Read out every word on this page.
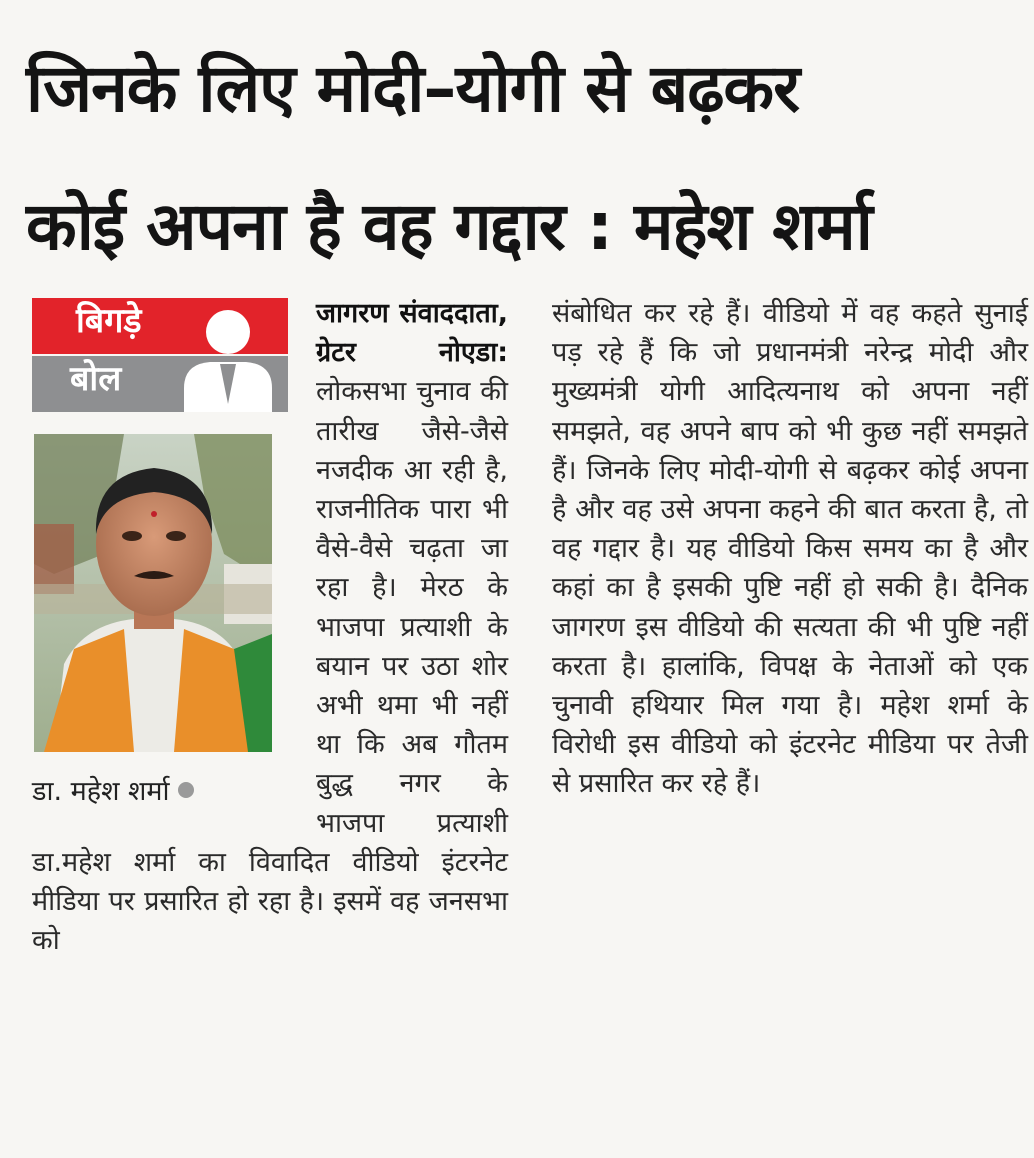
जिनके लिए मोदी–योगी से बढ़कर
कोई अपना है वह गद्दार : महेश शर्मा
बिगड़े
बोल
डा. महेश शर्मा
जागरण संवाददाता, ग्रेटर नोएडा: लोकसभा चुनाव की तारीख जैसे-जैसे नजदीक आ रही है, राजनीतिक पारा भी वैसे-वैसे चढ़ता जा रहा है। मेरठ के भाजपा प्रत्याशी के बयान पर उठा शोर अभी थमा भी नहीं था कि अब गौतम बुद्ध नगर के भाजपा प्रत्याशी डा.महेश शर्मा का विवादित वीडियो इंटरनेट मीडिया पर प्रसारित हो रहा है। इसमें वह जनसभा को
संबोधित कर रहे हैं। वीडियो में वह कहते सुनाई पड़ रहे हैं कि जो प्रधानमंत्री नरेन्द्र मोदी और मुख्यमंत्री योगी आदित्यनाथ को अपना नहीं समझते, वह अपने बाप को भी कुछ नहीं समझते हैं। जिनके लिए मोदी-योगी से बढ़कर कोई अपना है और वह उसे अपना कहने की बात करता है, तो वह गद्दार है। यह वीडियो किस समय का है और कहां का है इसकी पुष्टि नहीं हो सकी है। दैनिक जागरण इस वीडियो की सत्यता की भी पुष्टि नहीं करता है। हालांकि, विपक्ष के नेताओं को एक चुनावी हथियार मिल गया है। महेश शर्मा के विरोधी इस वीडियो को इंटरनेट मीडिया पर तेजी से प्रसारित कर रहे हैं।
